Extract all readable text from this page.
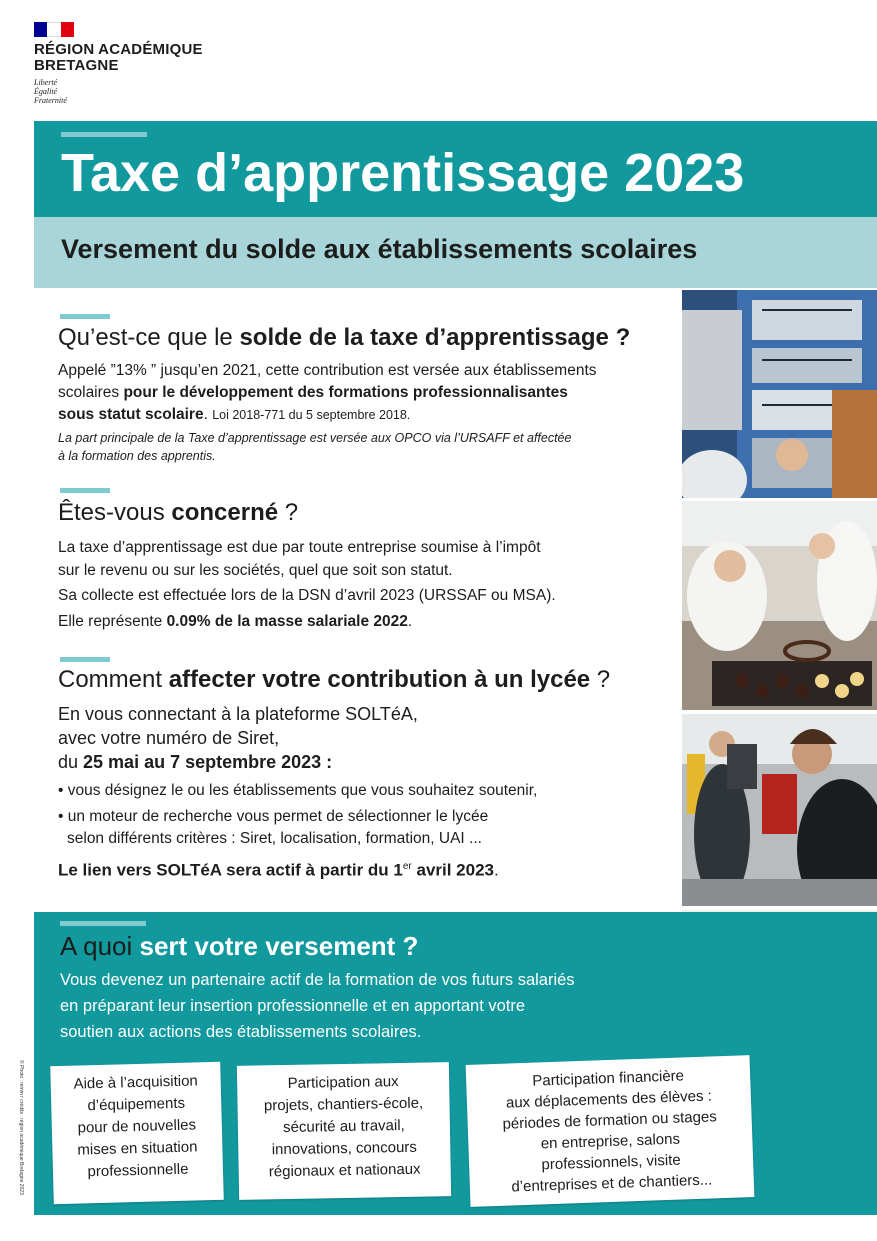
RÉGION ACADÉMIQUE
BRETAGNE
Liberté
Égalité
Fraternité
Taxe d’apprentissage 2023
Versement du solde aux établissements scolaires
Qu’est-ce que le solde de la taxe d’apprentissage ?
Appelé ”13% ” jusqu’en 2021, cette contribution est versée aux établissements
scolaires pour le développement des formations professionnalisantes
sous statut scolaire. Loi 2018-771 du 5 septembre 2018.
La part principale de la Taxe d’apprentissage est versée aux OPCO via l’URSAFF et affectée
à la formation des apprentis.
Êtes-vous concerné ?
La taxe d’apprentissage est due par toute entreprise soumise à l’impôt
sur le revenu ou sur les sociétés, quel que soit son statut.
Sa collecte est effectuée lors de la DSN d’avril 2023 (URSSAF ou MSA).
Elle représente 0.09% de la masse salariale 2022.
Comment affecter votre contribution à un lycée ?
En vous connectant à la plateforme SOLTéA,
avec votre numéro de Siret,
du 25 mai au 7 septembre 2023 :
• vous désignez le ou les établissements que vous souhaitez soutenir,
• un moteur de recherche vous permet de sélectionner le lycée
selon différents critères : Siret, localisation, formation, UAI ...
Le lien vers SOLTéA sera actif à partir du 1er avril 2023.
A quoi sert votre versement ?
Vous devenez un partenaire actif de la formation de vos futurs salariés
en préparant leur insertion professionnelle et en apportant votre
soutien aux actions des établissements scolaires.
Aide à l’acquisition
d’équipements
pour de nouvelles
mises en situation
professionnelle
Participation aux
projets, chantiers-école,
sécurité au travail,
innovations, concours
régionaux et nationaux
Participation financière
aux déplacements des élèves :
périodes de formation ou stages
en entreprise, salons
professionnels, visite
d’entreprises et de chantiers...
© Photo : mmm r crédits : région académique Bretagne 2023
